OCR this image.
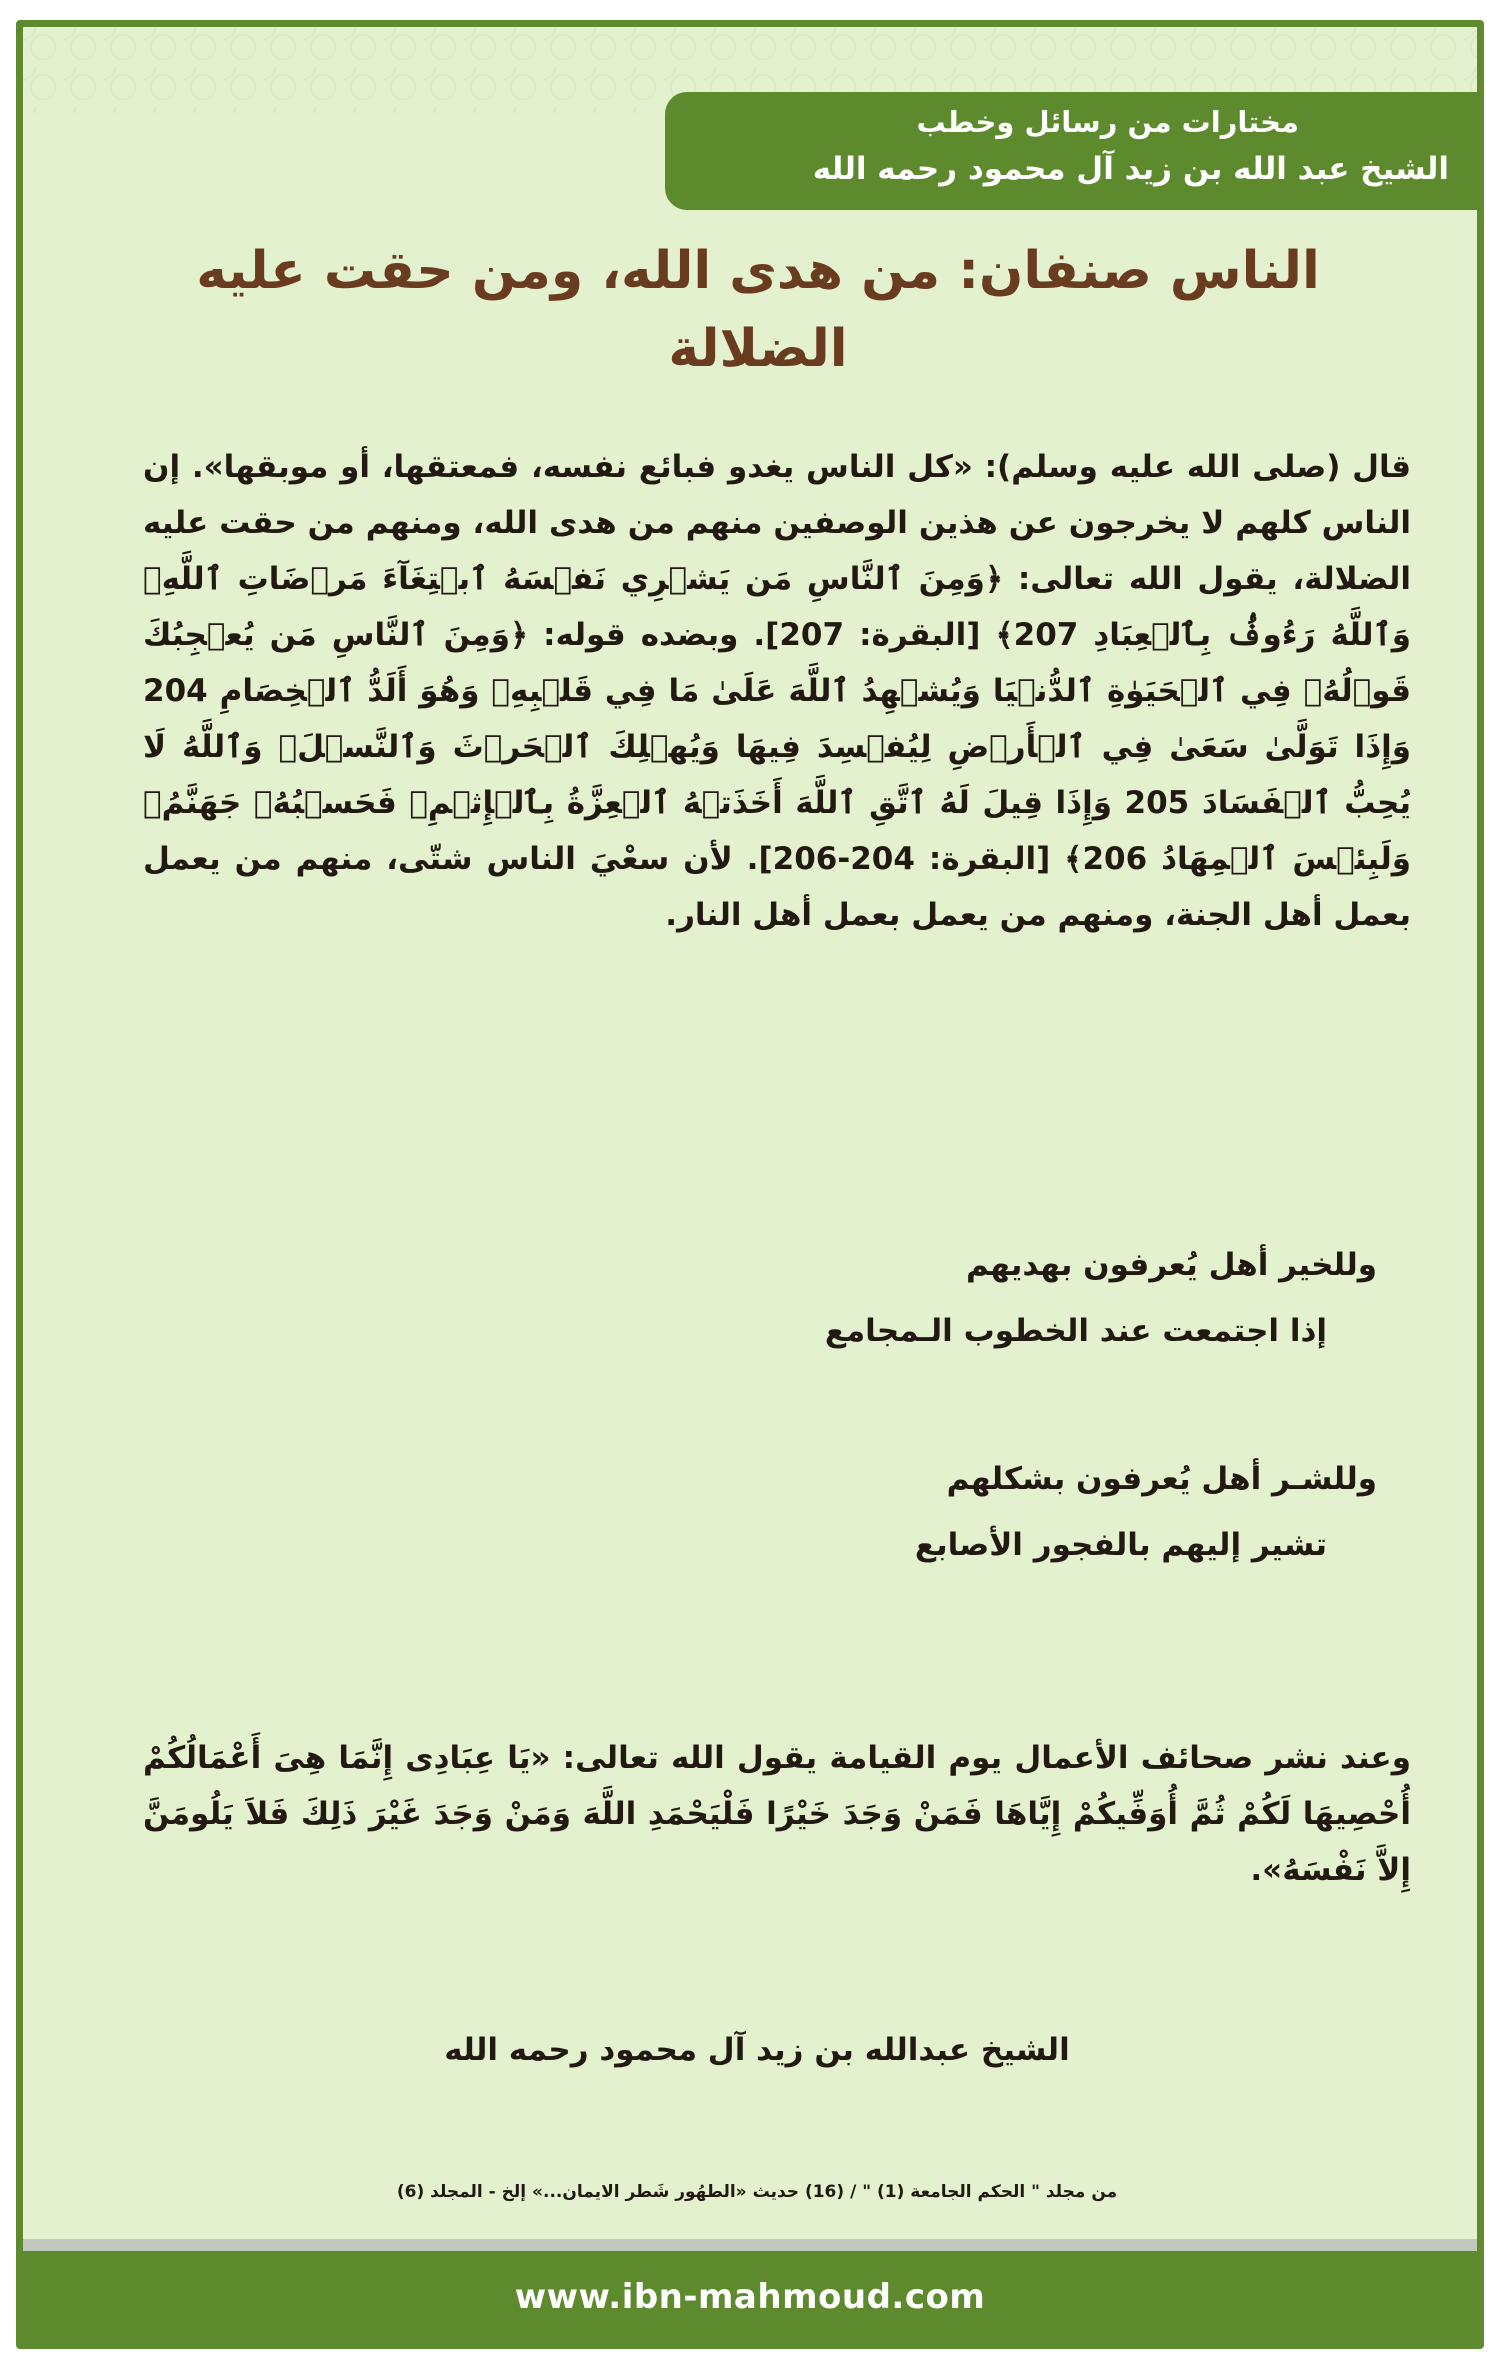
مختارات من رسائل وخطب
الشيخ عبد الله بن زيد آل محمود رحمه الله
الناس صنفان: من هدى الله، ومن حقت عليه الضلالة

قال (صلى الله عليه وسلم): «كل الناس يغدو فبائع نفسه، فمعتقها، أو موبقها». إن الناس كلهم لا يخرجون عن هذين الوصفين منهم من هدى الله، ومنهم من حقت عليه الضلالة، يقول الله تعالى: ﴿وَمِنَ ٱلنَّاسِ مَن يَشۡرِي نَفۡسَهُ ٱبۡتِغَآءَ مَرۡضَاتِ ٱللَّهِۚ وَٱللَّهُ رَءُوفُۢ بِٱلۡعِبَادِ 207﴾ [البقرة: 207]. وبضده قوله: ﴿وَمِنَ ٱلنَّاسِ مَن يُعۡجِبُكَ قَوۡلُهُۥ فِي ٱلۡحَيَوٰةِ ٱلدُّنۡيَا وَيُشۡهِدُ ٱللَّهَ عَلَىٰ مَا فِي قَلۡبِهِۦ وَهُوَ أَلَدُّ ٱلۡخِصَامِ 204 وَإِذَا تَوَلَّىٰ سَعَىٰ فِي ٱلۡأَرۡضِ لِيُفۡسِدَ فِيهَا وَيُهۡلِكَ ٱلۡحَرۡثَ وَٱلنَّسۡلَۚ وَٱللَّهُ لَا يُحِبُّ ٱلۡفَسَادَ 205 وَإِذَا قِيلَ لَهُ ٱتَّقِ ٱللَّهَ أَخَذَتۡهُ ٱلۡعِزَّةُ بِٱلۡإِثۡمِۚ فَحَسۡبُهُۥ جَهَنَّمُۖ وَلَبِئۡسَ ٱلۡمِهَادُ 206﴾ [البقرة: 204-206]. لأن سعْيَ الناس شتّى، منهم من يعمل بعمل أهل الجنة، ومنهم من يعمل بعمل أهل النار.

وللخير أهل يُعرفون بهديهم
إذا اجتمعت عند الخطوب الـمجامع
وللشـر أهل يُعرفون بشكلهم
تشير إليهم بالفجور الأصابع

وعند نشر صحائف الأعمال يوم القيامة يقول الله تعالى: «يَا عِبَادِى إِنَّمَا هِىَ أَعْمَالُكُمْ أُحْصِيهَا لَكُمْ ثُمَّ أُوَفِّيكُمْ إِيَّاهَا فَمَنْ وَجَدَ خَيْرًا فَلْيَحْمَدِ اللَّهَ وَمَنْ وَجَدَ غَيْرَ ذَلِكَ فَلاَ يَلُومَنَّ إِلاَّ نَفْسَهُ».

الشيخ عبدالله بن زيد آل محمود رحمه الله
من مجلد " الحكم الجامعة (1) " / (16) حديث «الطهُور شَطر الايمان...» إلخ - المجلد (6)
www.ibn-mahmoud.com
